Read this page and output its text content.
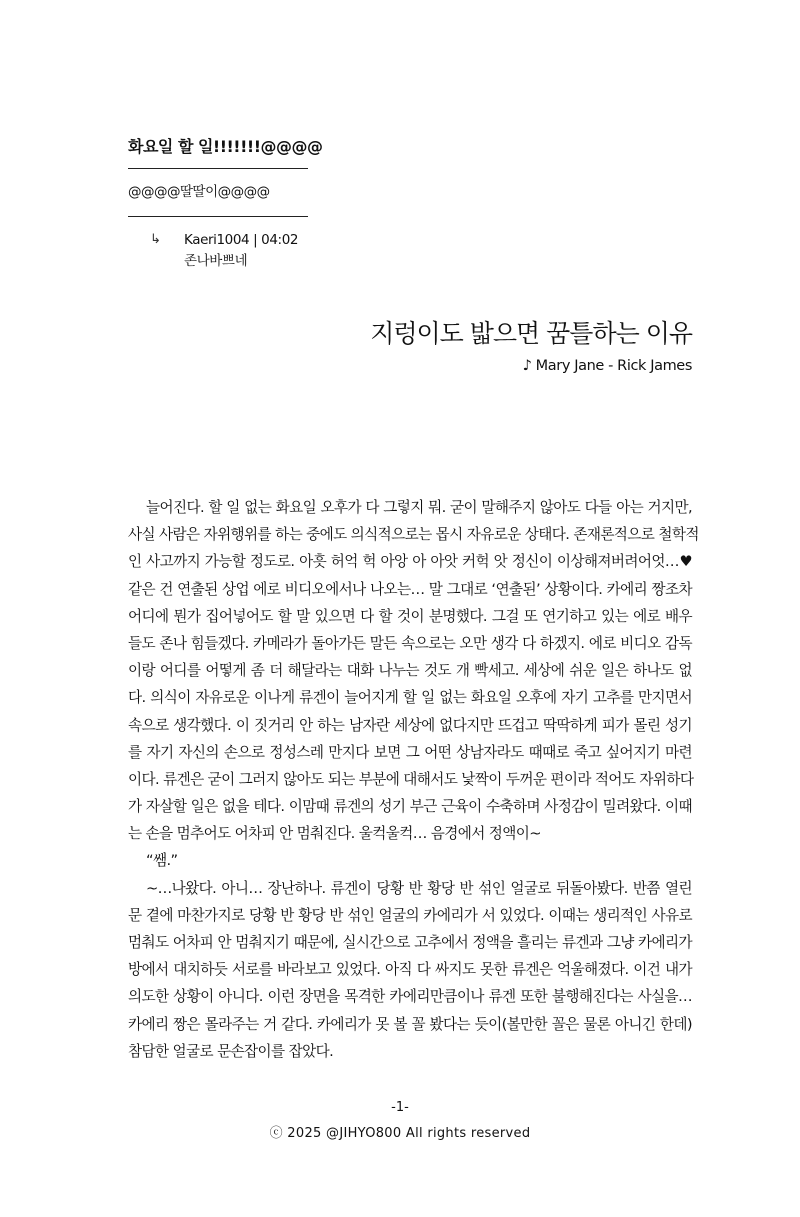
화요일 할 일!!!!!!!@@@@
@@@@딸딸이@@@@
↳ Kaeri1004 | 04:02
존나바쁘네
지렁이도 밟으면 꿈틀하는 이유
♪ Mary Jane - Rick James
늘어진다. 할 일 없는 화요일 오후가 다 그렇지 뭐. 굳이 말해주지 않아도 다들 아는 거지만,
사실 사람은 자위행위를 하는 중에도 의식적으로는 몹시 자유로운 상태다. 존재론적으로 철학적
인 사고까지 가능할 정도로. 아흣 허억 헉 아앙 아 아앗 커헉 앗 정신이 이상해져버려어엇…♥
같은 건 연출된 상업 에로 비디오에서나 나오는… 말 그대로 ‘연출된’ 상황이다. 카에리 짱조차
어디에 뭔가 집어넣어도 할 말 있으면 다 할 것이 분명했다. 그걸 또 연기하고 있는 에로 배우
들도 존나 힘들겠다. 카메라가 돌아가든 말든 속으로는 오만 생각 다 하겠지. 에로 비디오 감독
이랑 어디를 어떻게 좀 더 해달라는 대화 나누는 것도 개 빡세고. 세상에 쉬운 일은 하나도 없
다. 의식이 자유로운 이나게 류겐이 늘어지게 할 일 없는 화요일 오후에 자기 고추를 만지면서
속으로 생각했다. 이 짓거리 안 하는 남자란 세상에 없다지만 뜨겁고 딱딱하게 피가 몰린 성기
를 자기 자신의 손으로 정성스레 만지다 보면 그 어떤 상남자라도 때때로 죽고 싶어지기 마련
이다. 류겐은 굳이 그러지 않아도 되는 부분에 대해서도 낯짝이 두꺼운 편이라 적어도 자위하다
가 자살할 일은 없을 테다. 이맘때 류겐의 성기 부근 근육이 수축하며 사정감이 밀려왔다. 이때
는 손을 멈추어도 어차피 안 멈춰진다. 울컥울컥… 음경에서 정액이~
“쌤.”
~…나왔다. 아니… 장난하나. 류겐이 당황 반 황당 반 섞인 얼굴로 뒤돌아봤다. 반쯤 열린
문 곁에 마찬가지로 당황 반 황당 반 섞인 얼굴의 카에리가 서 있었다. 이때는 생리적인 사유로
멈춰도 어차피 안 멈춰지기 때문에, 실시간으로 고추에서 정액을 흘리는 류겐과 그냥 카에리가
방에서 대치하듯 서로를 바라보고 있었다. 아직 다 싸지도 못한 류겐은 억울해졌다. 이건 내가
의도한 상황이 아니다. 이런 장면을 목격한 카에리만큼이나 류겐 또한 불행해진다는 사실을…
카에리 짱은 몰라주는 거 같다. 카에리가 못 볼 꼴 봤다는 듯이(볼만한 꼴은 물론 아니긴 한데)
참담한 얼굴로 문손잡이를 잡았다.
-1-
ⓒ 2025 @JIHYO800 All rights reserved
